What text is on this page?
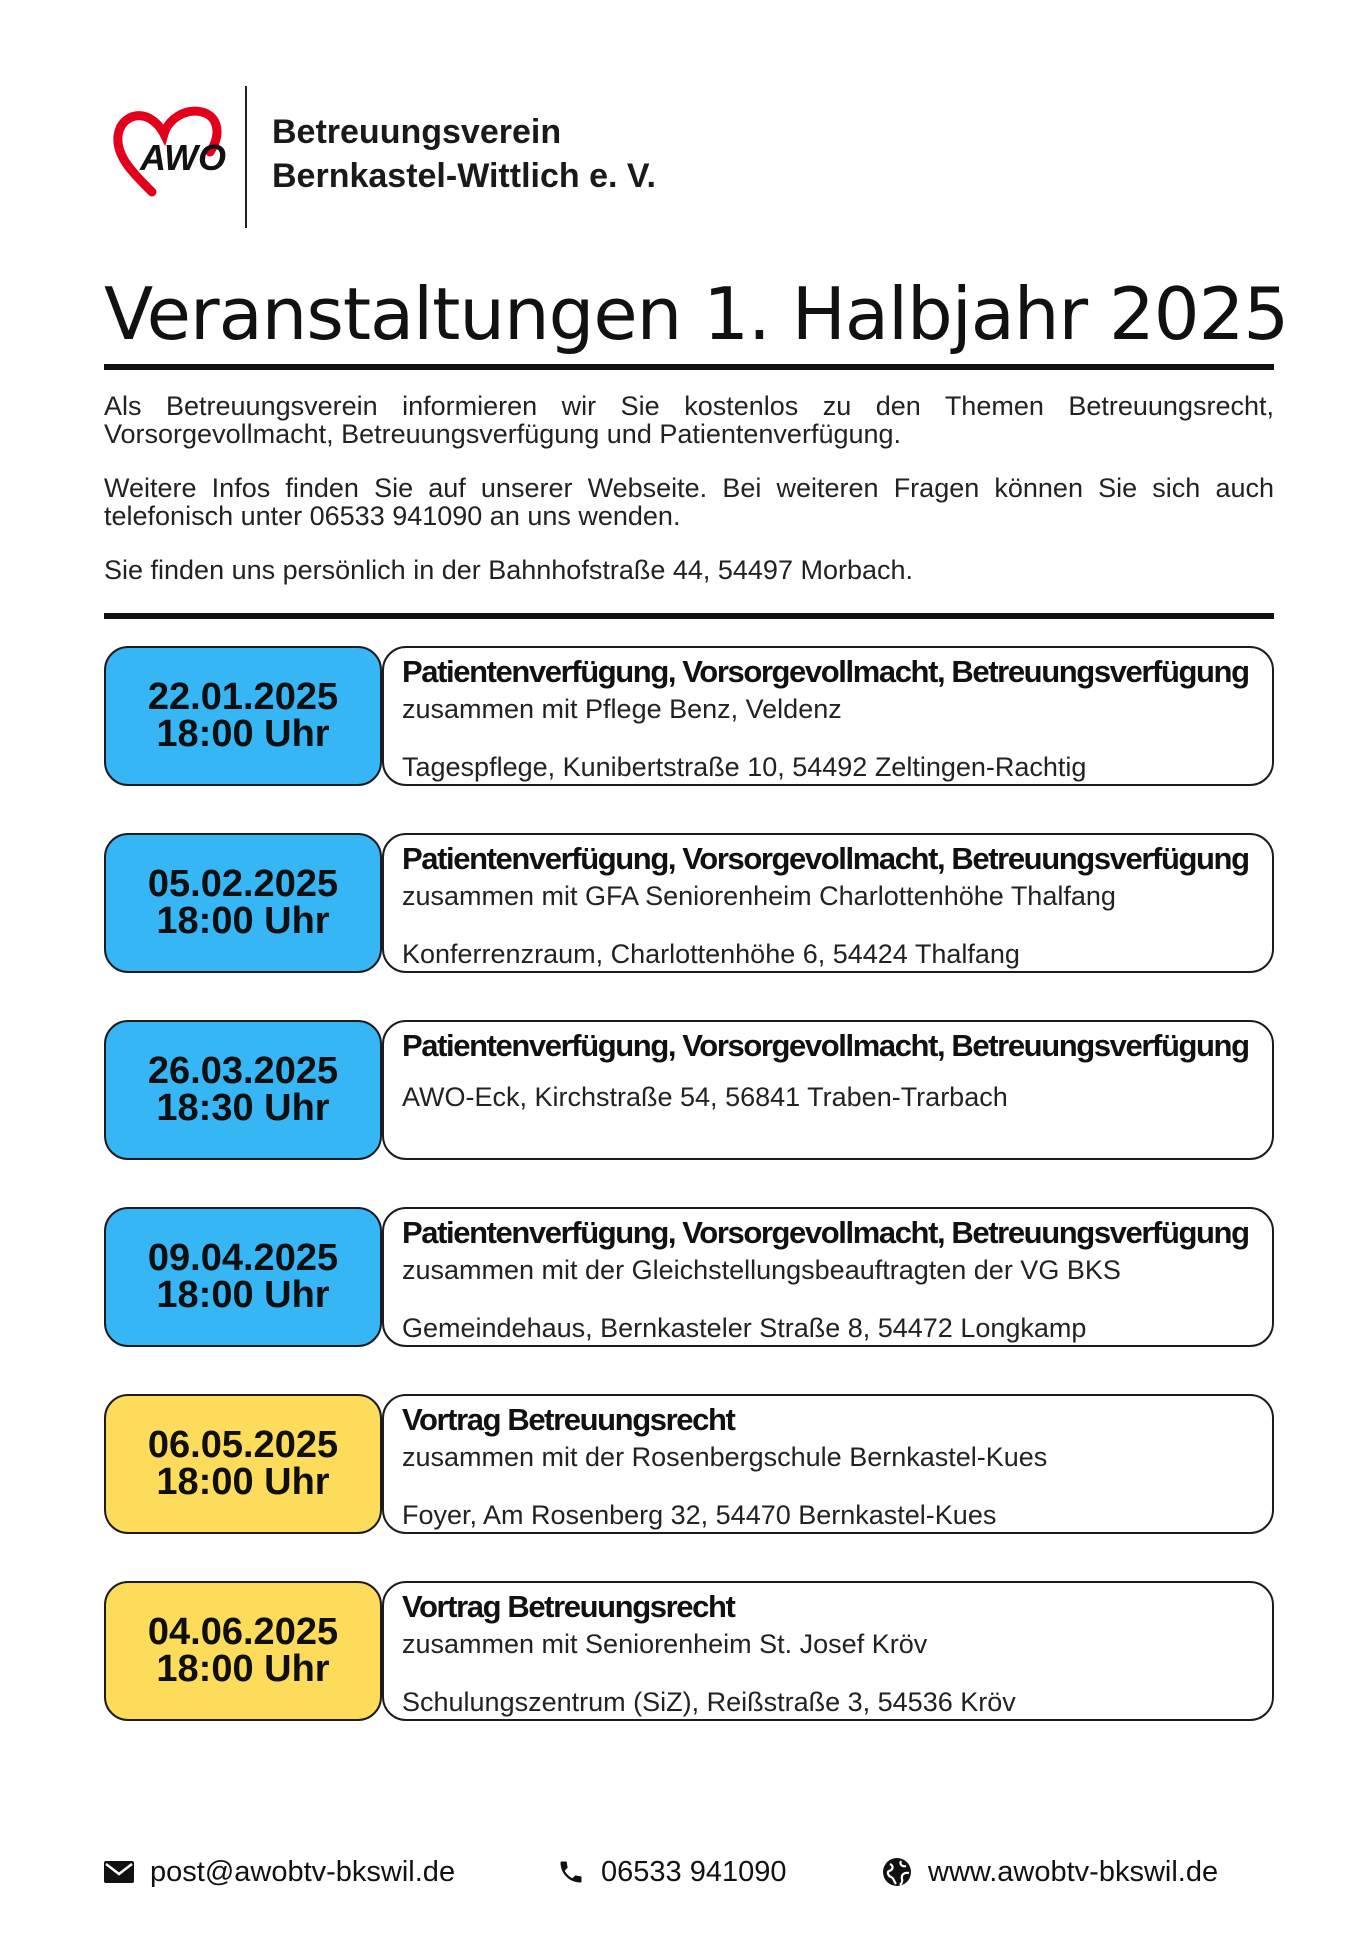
AWO
Betreuungsverein
Bernkastel-Wittlich e. V.
Veranstaltungen 1. Halbjahr 2025

Als Betreuungsverein informieren wir Sie kostenlos zu den Themen Betreuungsrecht, Vorsorgevollmacht, Betreuungsverfügung und Patientenverfügung.

Weitere Infos finden Sie auf unserer Webseite. Bei weiteren Fragen können Sie sich auch telefonisch unter 06533 941090 an uns wenden.

Sie finden uns persönlich in der Bahnhofstraße 44, 54497 Morbach.

22.01.2025
18:00 Uhr
Patientenverfügung, Vorsorgevollmacht, Betreuungsverfügung
zusammen mit Pflege Benz, Veldenz
Tagespflege, Kunibertstraße 10, 54492 Zeltingen-Rachtig
05.02.2025
18:00 Uhr
Patientenverfügung, Vorsorgevollmacht, Betreuungsverfügung
zusammen mit GFA Seniorenheim Charlottenhöhe Thalfang
Konferrenzraum, Charlottenhöhe 6, 54424 Thalfang
26.03.2025
18:30 Uhr
Patientenverfügung, Vorsorgevollmacht, Betreuungsverfügung
AWO-Eck, Kirchstraße 54, 56841 Traben-Trarbach
09.04.2025
18:00 Uhr
Patientenverfügung, Vorsorgevollmacht, Betreuungsverfügung
zusammen mit der Gleichstellungsbeauftragten der VG BKS
Gemeindehaus, Bernkasteler Straße 8, 54472 Longkamp
06.05.2025
18:00 Uhr
Vortrag Betreuungsrecht
zusammen mit der Rosenbergschule Bernkastel-Kues
Foyer, Am Rosenberg 32, 54470 Bernkastel-Kues
04.06.2025
18:00 Uhr
Vortrag Betreuungsrecht
zusammen mit Seniorenheim St. Josef Kröv
Schulungszentrum (SiZ), Reißstraße 3, 54536 Kröv
post@awobtv-bkswil.de	06533 941090	www.awobtv-bkswil.de
